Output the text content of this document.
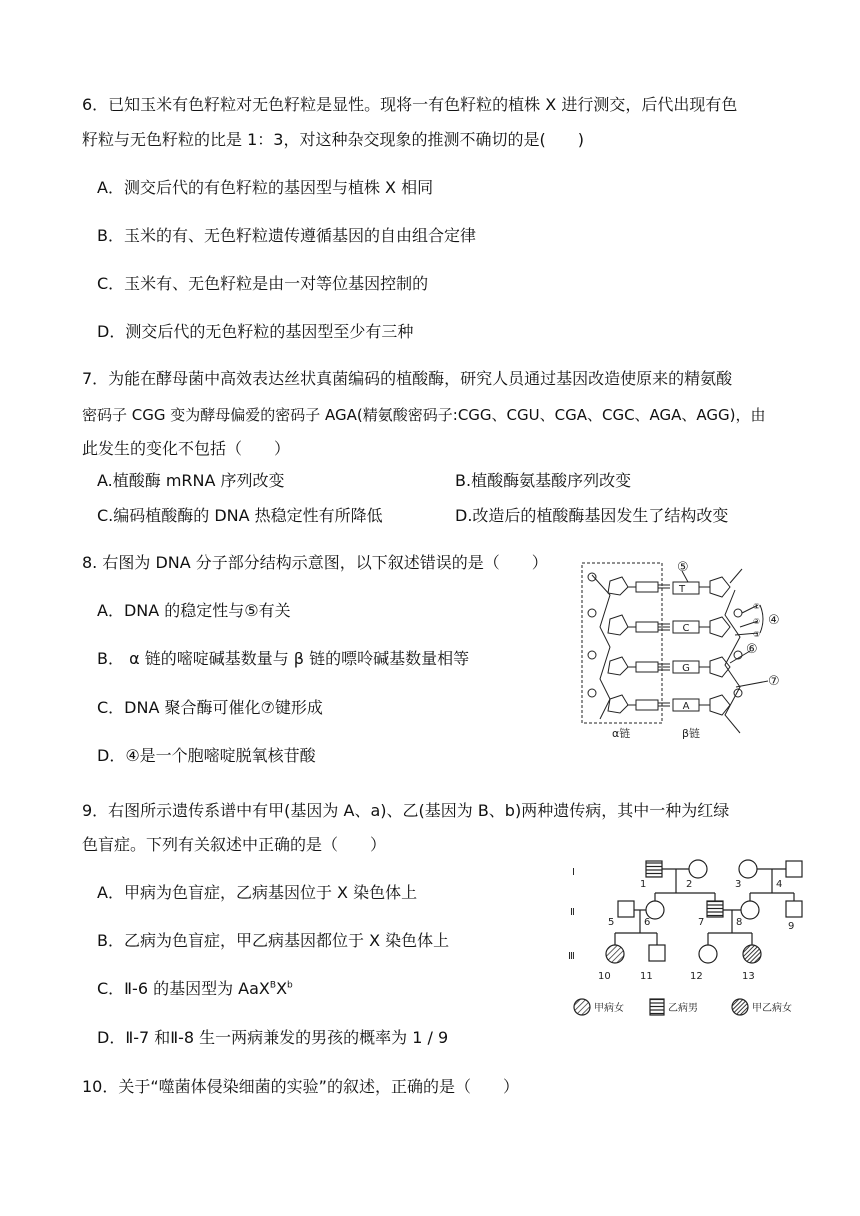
6．已知玉米有色籽粒对无色籽粒是显性。现将一有色籽粒的植株 X 进行测交，后代出现有色
籽粒与无色籽粒的比是 1：3，对这种杂交现象的推测不确切的是(　　)
A．测交后代的有色籽粒的基因型与植株 X 相同
B．玉米的有、无色籽粒遗传遵循基因的自由组合定律
C．玉米有、无色籽粒是由一对等位基因控制的
D．测交后代的无色籽粒的基因型至少有三种
7．为能在酵母菌中高效表达丝状真菌编码的植酸酶，研究人员通过基因改造使原来的精氨酸
密码子 CGG 变为酵母偏爱的密码子 AGA(精氨酸密码子:CGG、CGU、CGA、CGC、AGA、AGG)，由
此发生的变化不包括（　　）
A.植酸酶 mRNA 序列改变	B.植酸酶氨基酸序列改变
C.编码植酸酶的 DNA 热稳定性有所降低	D.改造后的植酸酶基因发生了结构改变
8. 右图为 DNA 分子部分结构示意图，以下叙述错误的是（　　）
A．DNA 的稳定性与⑤有关
B． α 链的嘧啶碱基数量与 β 链的嘌呤碱基数量相等
C．DNA 聚合酶可催化⑦键形成
D．④是一个胞嘧啶脱氧核苷酸
T
C
G
A
⑤
①
②
③
④
⑥
⑦
α链	β链
9．右图所示遗传系谱中有甲(基因为 A、a)、乙(基因为 B、b)两种遗传病，其中一种为红绿
色盲症。下列有关叙述中正确的是（　　）
A．甲病为色盲症，乙病基因位于 X 染色体上
B．乙病为色盲症，甲乙病基因都位于 X 染色体上
C．Ⅱ-6 的基因型为 $AaX^BX^b$
D．Ⅱ-7 和Ⅱ-8 生一两病兼发的男孩的概率为 1 / 9
I
Ⅱ
Ⅲ
1	2	3	4
5	6	7	8	9
10	11	12	13
甲病女	乙病男	甲乙病女
10．关于“噬菌体侵染细菌的实验”的叙述，正确的是（　　）
